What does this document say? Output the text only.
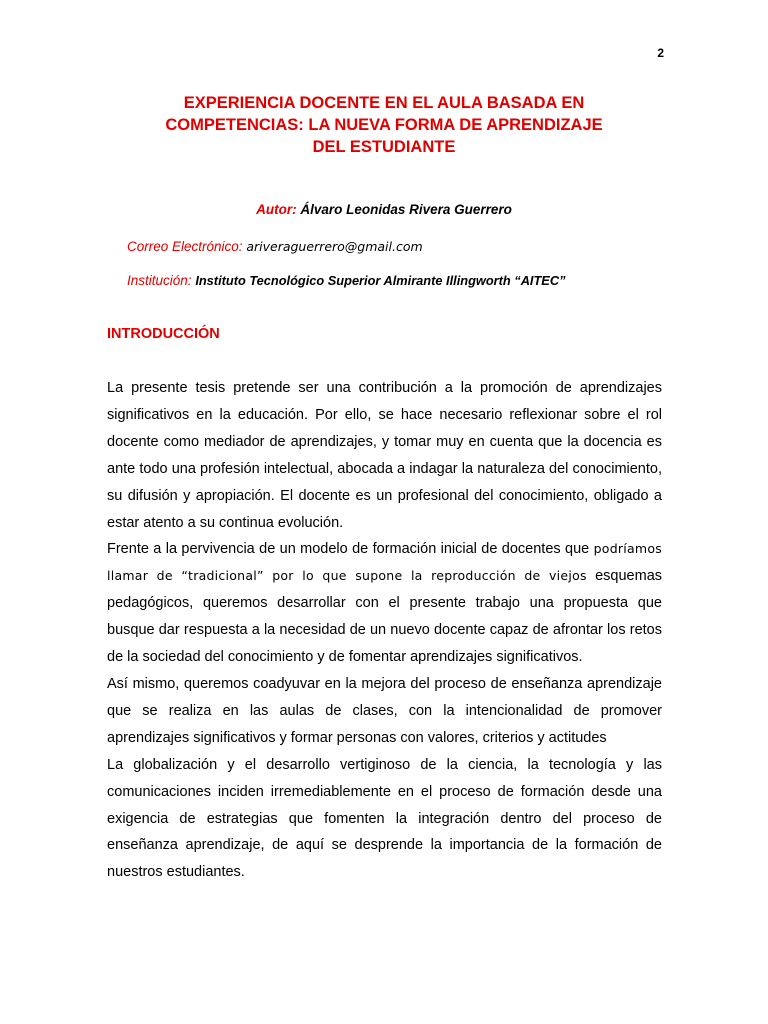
2
EXPERIENCIA DOCENTE EN EL AULA BASADA EN
COMPETENCIAS: LA NUEVA FORMA DE APRENDIZAJE
DEL ESTUDIANTE
Autor: Álvaro Leonidas Rivera Guerrero
Correo Electrónico: ariveraguerrero@gmail.com
Institución: Instituto Tecnológico Superior Almirante Illingworth “AITEC”
INTRODUCCIÓN

La presente tesis pretende ser una contribución a la promoción de aprendizajes significativos en la educación. Por ello, se hace necesario reflexionar sobre el rol docente como mediador de aprendizajes, y tomar muy en cuenta que la docencia es ante todo una profesión intelectual, abocada a indagar la naturaleza del conocimiento, su difusión y apropiación. El docente es un profesional del conocimiento, obligado a estar atento a su continua evolución.

Frente a la pervivencia de un modelo de formación inicial de docentes que podríamos llamar de “tradicional” por lo que supone la reproducción de viejos esquemas pedagógicos, queremos desarrollar con el presente trabajo una propuesta que busque dar respuesta a la necesidad de un nuevo docente capaz de afrontar los retos de la sociedad del conocimiento y de fomentar aprendizajes significativos.

Así mismo, queremos coadyuvar en la mejora del proceso de enseñanza aprendizaje que se realiza en las aulas de clases, con la intencionalidad de promover aprendizajes significativos y formar personas con valores, criterios y actitudes

La globalización y el desarrollo vertiginoso de la ciencia, la tecnología y las comunicaciones inciden irremediablemente en el proceso de formación desde una exigencia de estrategias que fomenten la integración dentro del proceso de enseñanza aprendizaje, de aquí se desprende la importancia de la formación de nuestros estudiantes.
